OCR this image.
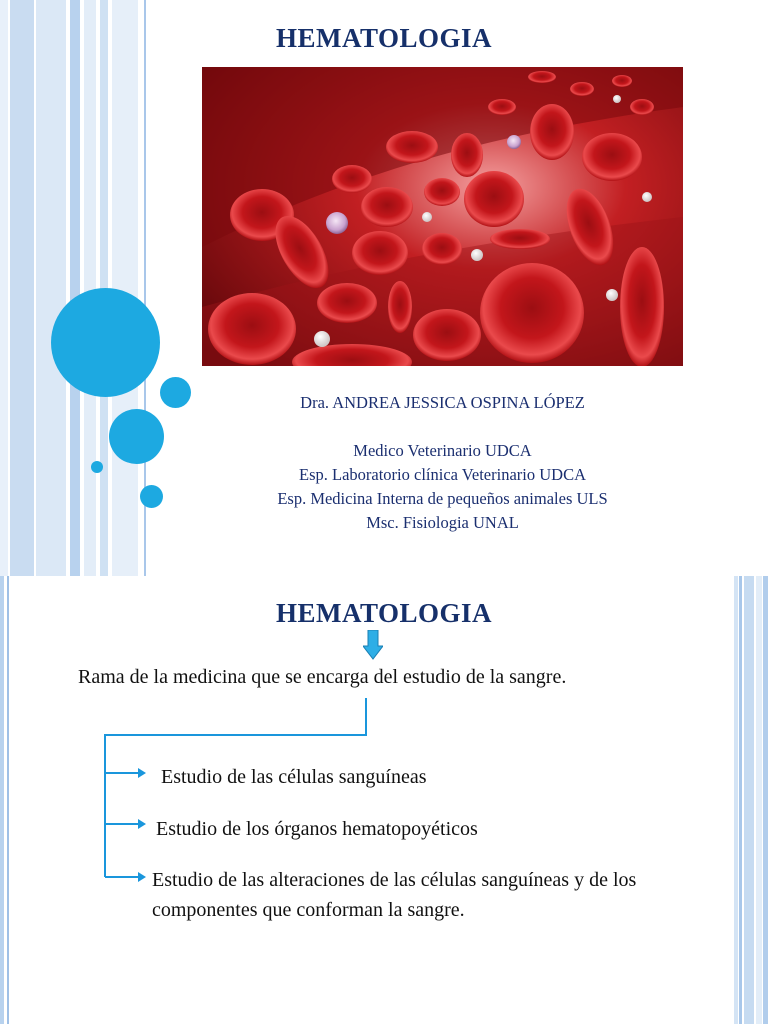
HEMATOLOGIA
Dra. ANDREA JESSICA OSPINA LÓPEZ
Medico Veterinario UDCA
Esp. Laboratorio clínica Veterinario UDCA
Esp. Medicina Interna de pequeños animales ULS
Msc. Fisiologia UNAL
HEMATOLOGIA
Rama de la medicina que se encarga del estudio de la sangre.
Estudio de las células sanguíneas
Estudio de los órganos hematopoyéticos
Estudio de las alteraciones de las células sanguíneas y de los componentes que conforman la sangre.
